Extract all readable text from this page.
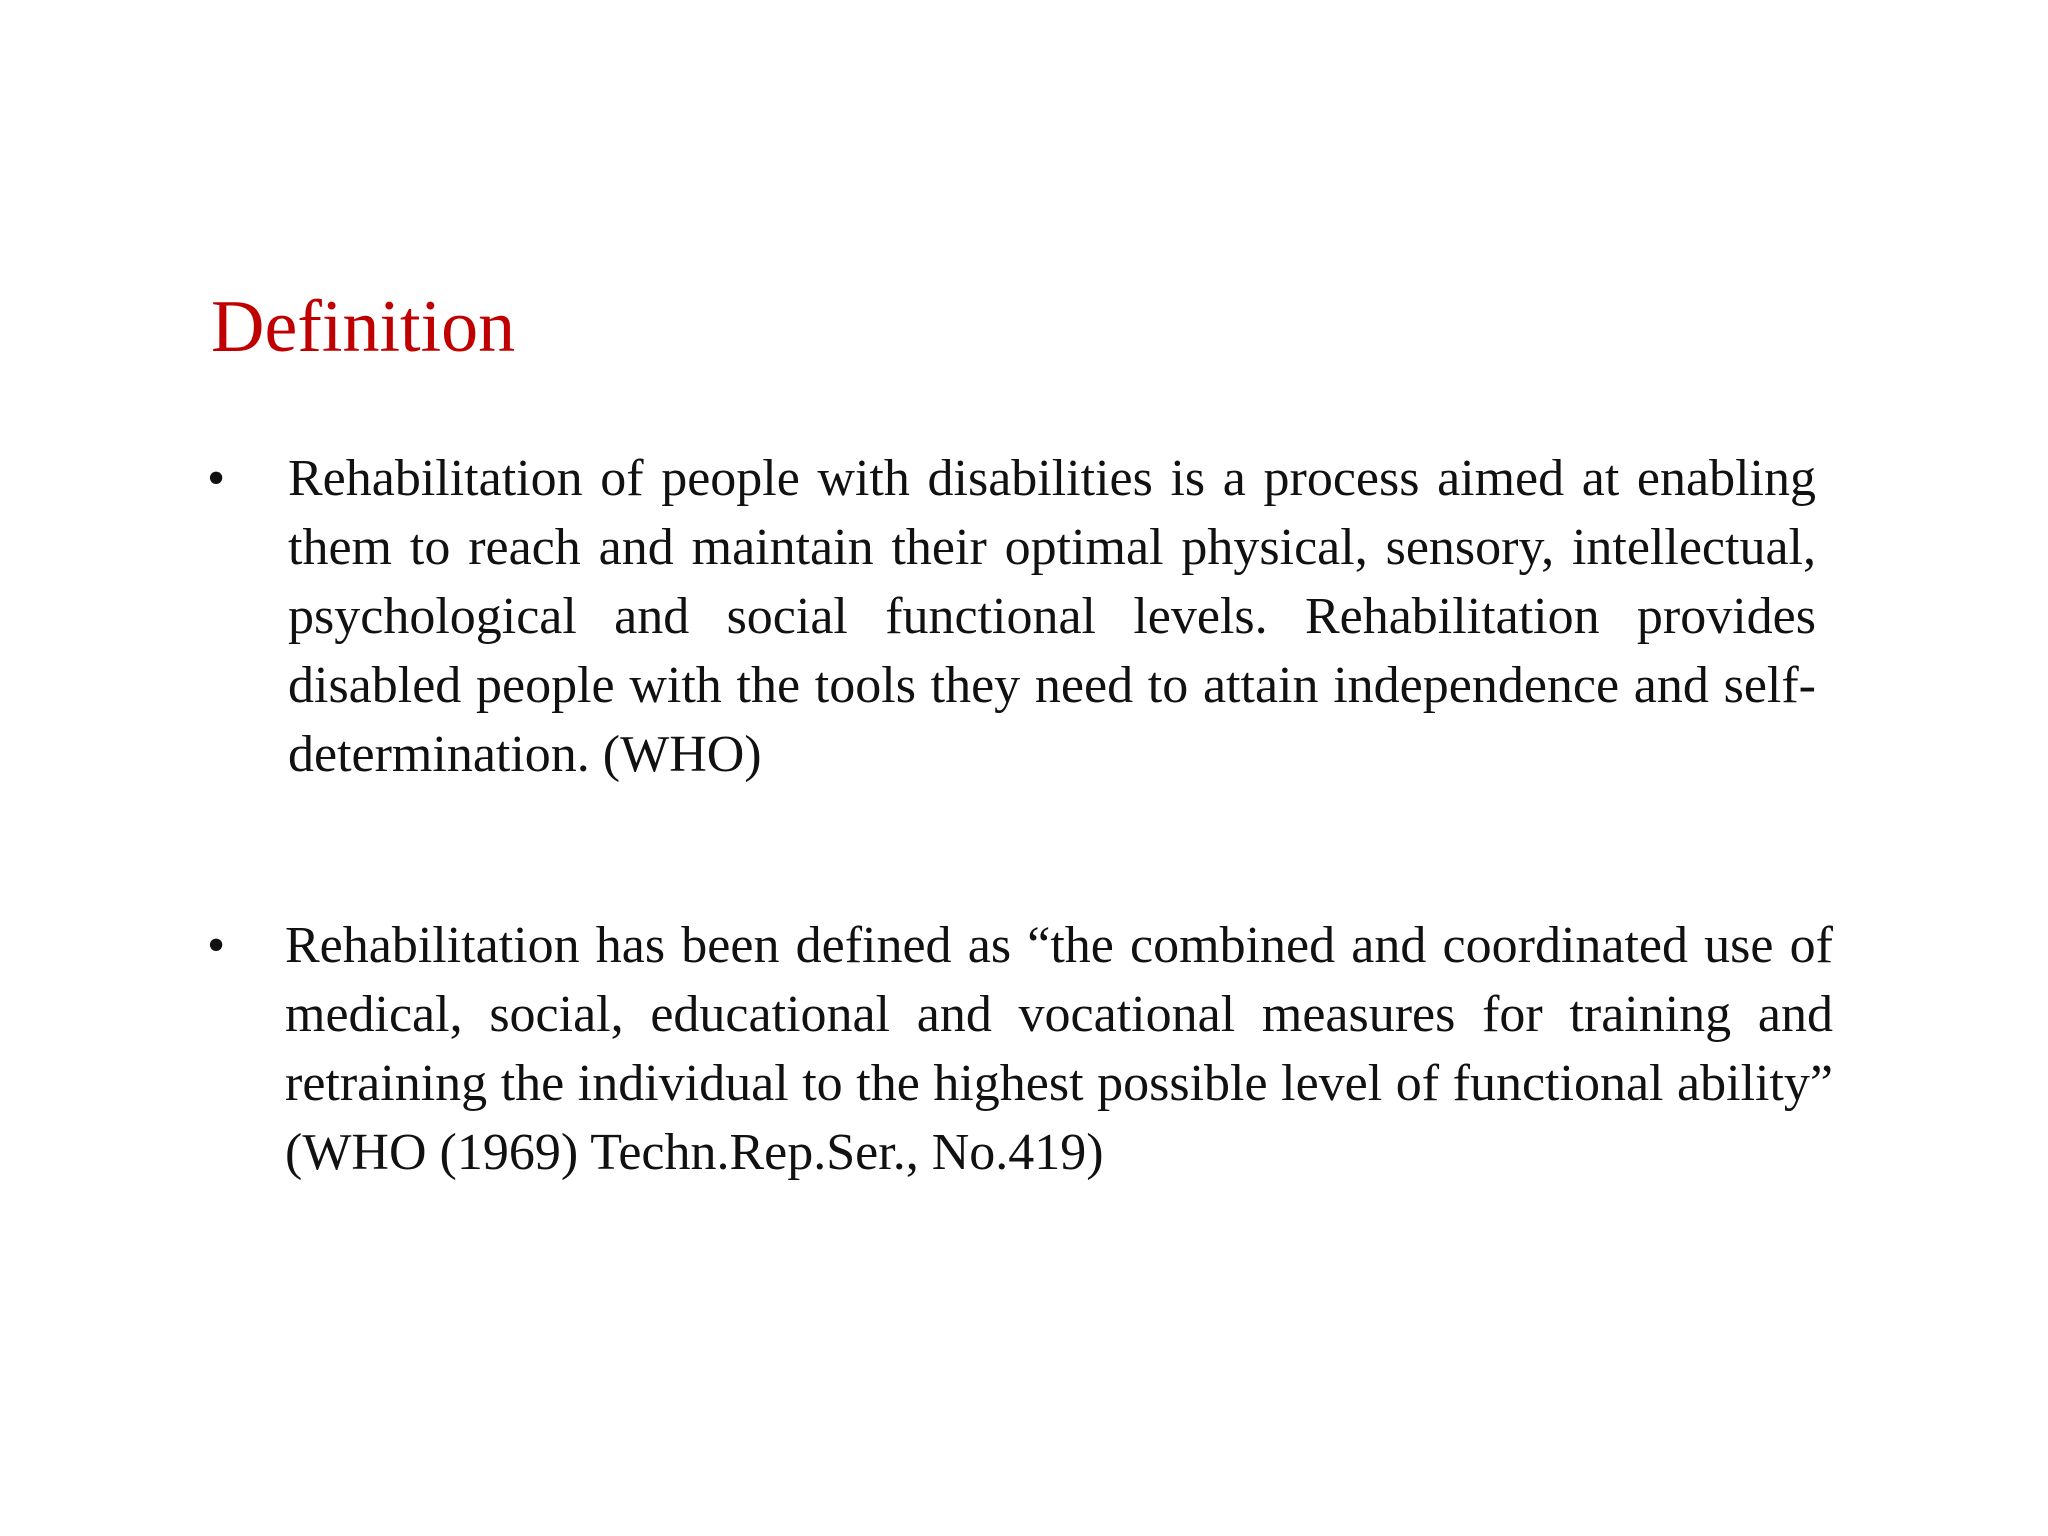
Definition
• Rehabilitation of people with disabilities is a process aimed at enabling them to reach and maintain their optimal physical, sensory, intellectual, psychological and social functional levels. Rehabilitation provides disabled people with the tools they need to attain independence and self-determination. (WHO)
• Rehabilitation has been defined as “the combined and coordinated use of medical, social, educational and vocational measures for training and retraining the individual to the highest possible level of functional ability” (WHO (1969) Techn.Rep.Ser., No.419)
